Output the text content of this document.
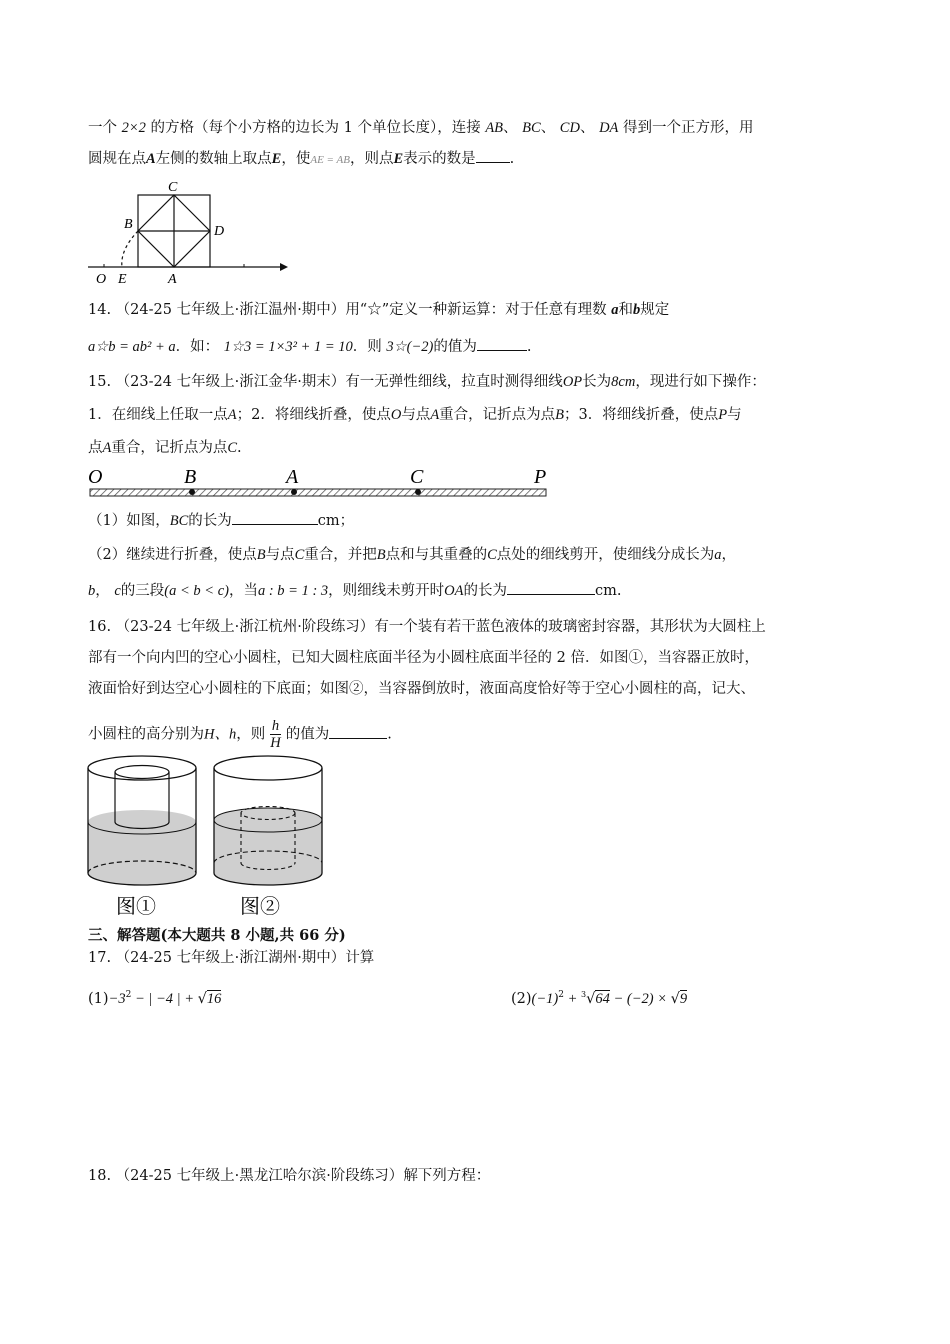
一个 2×2 的方格（每个小方格的边长为 1 个单位长度），连接 AB、 BC、 CD、 DA 得到一个正方形，用
圆规在点A左侧的数轴上取点E，使AE = AB，则点E表示的数是 .
O E	A
B
C
D
14. （24-25 七年级上·浙江温州·期中）用“☆”定义一种新运算：对于任意有理数 a和b规定
a☆b = ab² + a．如： 1☆3 = 1×3² + 1 = 10．则 3☆(−2)的值为	.
15. （23-24 七年级上·浙江金华·期末）有一无弹性细线，拉直时测得细线OP长为8cm，现进行如下操作：
1．在细线上任取一点A；2．将细线折叠，使点O与点A重合，记折点为点B；3．将细线折叠，使点P与
点A重合，记折点为点C.
O	B	A	C	P
（1）如图，BC的长为	cm；
（2）继续进行折叠，使点B与点C重合，并把B点和与其重叠的C点处的细线剪开，使细线分成长为a，
b， c的三段(a < b < c)，当a : b = 1 : 3，则细线未剪开时OA的长为	cm.
16. （23-24 七年级上·浙江杭州·阶段练习）有一个装有若干蓝色液体的玻璃密封容器，其形状为大圆柱上
部有一个向内凹的空心小圆柱，已知大圆柱底面半径为小圆柱底面半径的 2 倍．如图①，当容器正放时，
液面恰好到达空心小圆柱的下底面；如图②，当容器倒放时，液面高度恰好等于空心小圆柱的高，记大、
小圆柱的高分别为H、h，则 $\frac{h}{H}$ 的值为	.
图①	图②
三、解答题(本大题共 8 小题,共 66 分)
17. （24-25 七年级上·浙江湖州·期中）计算
$(1)-3^2$ − | −4 | + √16	$(2)(-1)^2 + ^3√64 - (-2) \times √9$
18. （24-25 七年级上·黑龙江哈尔滨·阶段练习）解下列方程：
